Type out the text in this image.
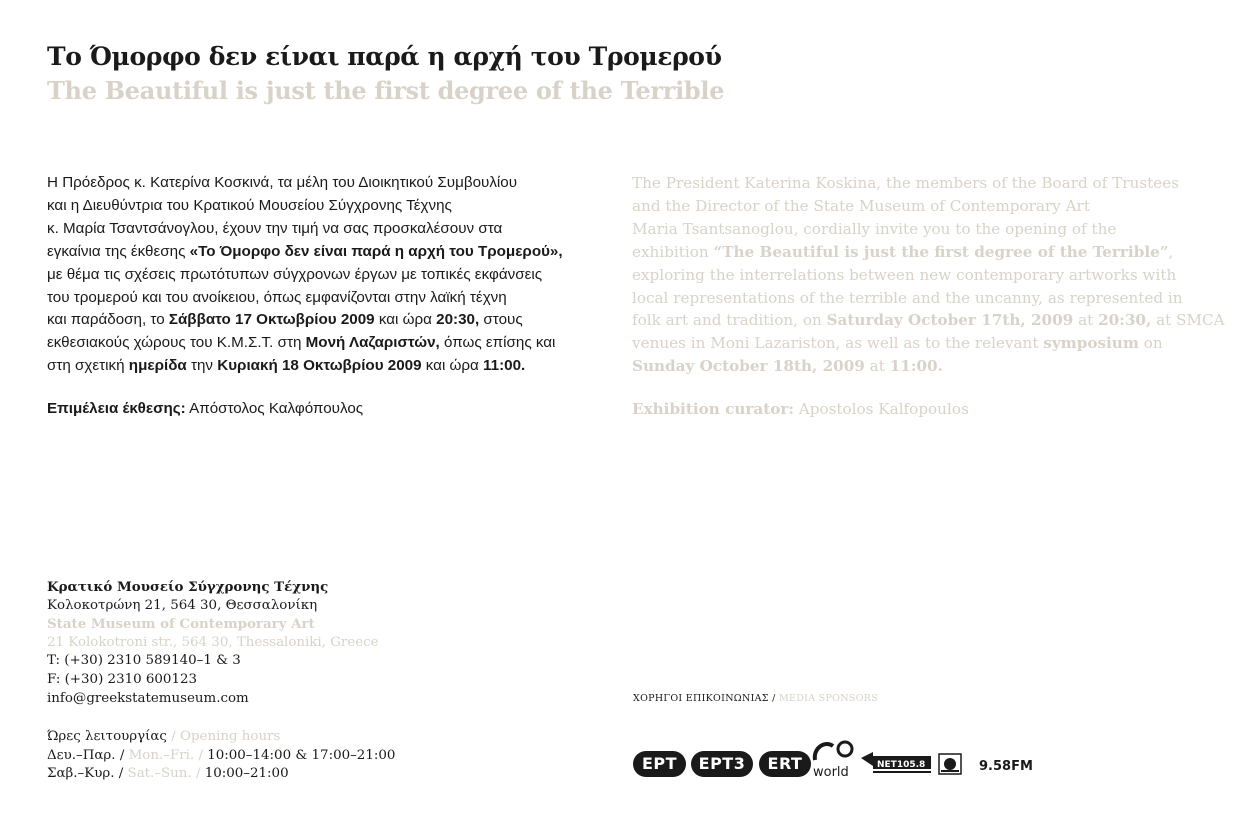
Το Όμορφο δεν είναι παρά η αρχή του Τρομερού
The Beautiful is just the first degree of the Terrible
Η Πρόεδρος κ. Κατερίνα Κοσκινά, τα μέλη του Διοικητικού Συμβουλίου
και η Διευθύντρια του Κρατικού Μουσείου Σύγχρονης Τέχνης
κ. Μαρία Τσαντσάνογλου, έχουν την τιμή να σας προσκαλέσουν στα
εγκαίνια της έκθεσης «Το Όμορφο δεν είναι παρά η αρχή του Τρομερού»,
με θέμα τις σχέσεις πρωτότυπων σύγχρονων έργων με τοπικές εκφάνσεις
του τρομερού και του ανοίκειου, όπως εμφανίζονται στην λαϊκή τέχνη
και παράδοση, το Σάββατο 17 Οκτωβρίου 2009 και ώρα 20:30, στους
εκθεσιακούς χώρους του Κ.Μ.Σ.Τ. στη Μονή Λαζαριστών, όπως επίσης και
στη σχετική ημερίδα την Κυριακή 18 Οκτωβρίου 2009 και ώρα 11:00.
The President Katerina Koskina, the members of the Board of Trustees
and the Director of the State Museum of Contemporary Art
Maria Tsantsanoglou, cordially invite you to the opening of the
exhibition “The Beautiful is just the first degree of the Terrible”,
exploring the interrelations between new contemporary artworks with
local representations of the terrible and the uncanny, as represented in
folk art and tradition, on Saturday October 17th, 2009 at 20:30, at SMCA
venues in Moni Lazariston, as well as to the relevant symposium on
Sunday October 18th, 2009 at 11:00.
Επιμέλεια έκθεσης: Απόστολος Καλφόπουλος	Exhibition curator: Apostolos Kalfopoulos
Κρατικό Μουσείο Σύγχρονης Τέχνης
Κολοκοτρώνη 21, 564 30, Θεσσαλονίκη
State Museum of Contemporary Art
21 Kolokotroni str., 564 30, Thessaloniki, Greece
T: (+30) 2310 589140–1 & 3
F: (+30) 2310 600123
info@greekstatemuseum.com
Ώρες λειτουργίας / Opening hours
Δευ.–Παρ. / Mon.–Fri. / 10:00–14:00 & 17:00–21:00
Σαβ.–Κυρ. / Sat.–Sun. / 10:00–21:00
ΧΟΡΗΓΟΙ ΕΠΙΚΟΙΝΩΝΙΑΣ / MEDIA SPONSORS
ΕΡΤ	ΕΡΤ3	ERT world	NET105.8	9.58FM
